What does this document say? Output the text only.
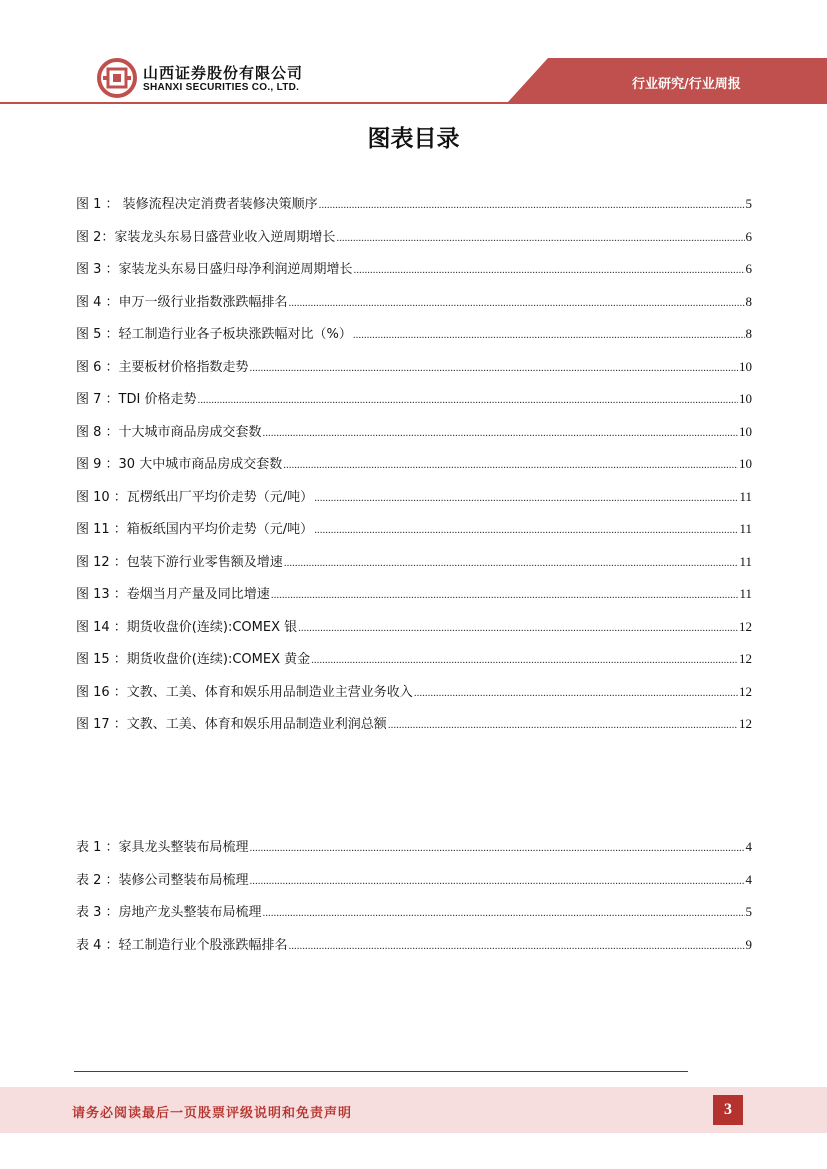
山西证券股份有限公司
SHANXI SECURITIES CO., LTD.	行业研究/行业周报
图表目录
图 1 ： 装修流程决定消费者装修决策顺序 .....	5
图 2：家装龙头东易日盛营业收入逆周期增长 .....	6
图 3 ：家装龙头东易日盛归母净利润逆周期增长 .....	6
图 4 ：申万一级行业指数涨跌幅排名 .....	8
图 5 ：轻工制造行业各子板块涨跌幅对比（%） .....	8
图 6 ：主要板材价格指数走势 .....	10
图 7 ：TDI 价格走势 .....	10
图 8 ：十大城市商品房成交套数 .....	10
图 9 ：30 大中城市商品房成交套数 .....	10
图 10 ：瓦楞纸出厂平均价走势（元/吨） .....	11
图 11 ：箱板纸国内平均价走势（元/吨） .....	11
图 12 ：包装下游行业零售额及增速 .....	11
图 13 ：卷烟当月产量及同比增速 .....	11
图 14 ：期货收盘价(连续):COMEX 银 .....	12
图 15 ：期货收盘价(连续):COMEX 黄金 .....	12
图 16 ：文教、工美、体育和娱乐用品制造业主营业务收入 .....	12
图 17 ：文教、工美、体育和娱乐用品制造业利润总额 .....	12
表 1 ：家具龙头整装布局梳理 .....	4
表 2 ：装修公司整装布局梳理 .....	4
表 3 ：房地产龙头整装布局梳理 .....	5
表 4 ：轻工制造行业个股涨跌幅排名 .....	9
请务必阅读最后一页股票评级说明和免责声明	3
